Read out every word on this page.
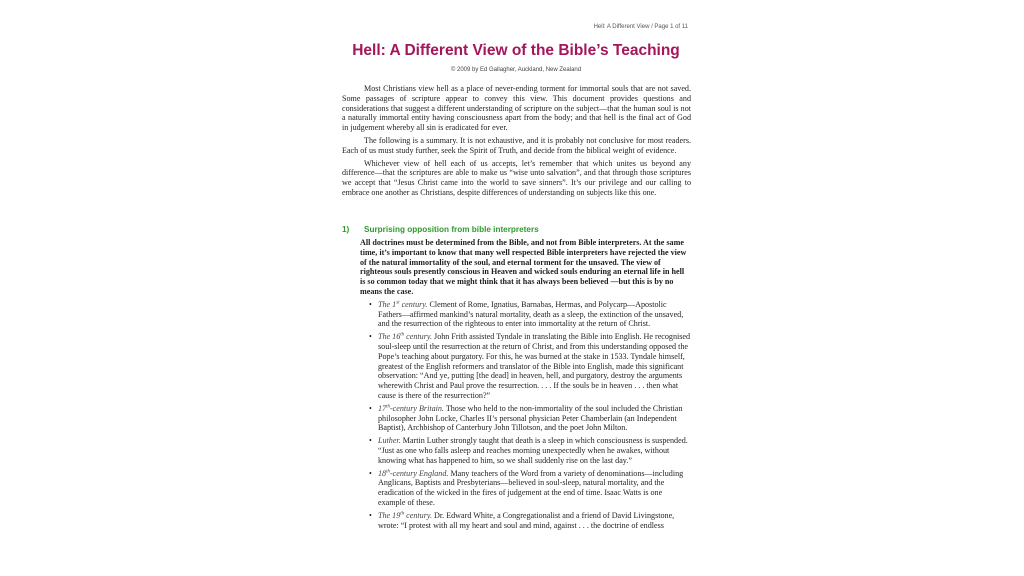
Hell: A Different View / Page 1 of 11
Hell: A Different View of the Bible’s Teaching
© 2009 by Ed Gallagher, Auckland, New Zealand

Most Christians view hell as a place of never-ending torment for immortal souls that are not saved. Some passages of scripture appear to convey this view. This document provides questions and considerations that suggest a different understanding of scripture on the subject—that the human soul is not a naturally immortal entity having consciousness apart from the body; and that hell is the final act of God in judgement whereby all sin is eradicated for ever.

The following is a summary. It is not exhaustive, and it is probably not conclusive for most readers. Each of us must study further, seek the Spirit of Truth, and decide from the biblical weight of evidence.

Whichever view of hell each of us accepts, let’s remember that which unites us beyond any difference—that the scriptures are able to make us “wise unto salvation”, and that through those scriptures we accept that “Jesus Christ came into the world to save sinners”. It’s our privilege and our calling to embrace one another as Christians, despite differences of understanding on subjects like this one.

1) Surprising opposition from bible interpreters

All doctrines must be determined from the Bible, and not from Bible interpreters. At the same time, it’s important to know that many well respected Bible interpreters have rejected the view of the natural immortality of the soul, and eternal torment for the unsaved. The view of righteous souls presently conscious in Heaven and wicked souls enduring an eternal life in hell is so common today that we might think that it has always been believed —but this is by no means the case.

• The 1st century. Clement of Rome, Ignatius, Barnabas, Hermas, and Polycarp—Apostolic Fathers—affirmed mankind’s natural mortality, death as a sleep, the extinction of the unsaved, and the resurrection of the righteous to enter into immortality at the return of Christ.
• The 16th century. John Frith assisted Tyndale in translating the Bible into English. He recognised soul-sleep until the resurrection at the return of Christ, and from this understanding opposed the Pope’s teaching about purgatory. For this, he was burned at the stake in 1533. Tyndale himself, greatest of the English reformers and translator of the Bible into English, made this significant observation: “And ye, putting [the dead] in heaven, hell, and purgatory, destroy the arguments wherewith Christ and Paul prove the resurrection. . . . If the souls be in heaven . . . then what cause is there of the resurrection?”
• 17th-century Britain. Those who held to the non-immortality of the soul included the Christian philosopher John Locke, Charles II’s personal physician Peter Chamberlain (an Independent Baptist), Archbishop of Canterbury John Tillotson, and the poet John Milton.
• Luther. Martin Luther strongly taught that death is a sleep in which consciousness is suspended. “Just as one who falls asleep and reaches morning unexpectedly when he awakes, without knowing what has happened to him, so we shall suddenly rise on the last day.”
• 18th-century England. Many teachers of the Word from a variety of denominations—including Anglicans, Baptists and Presbyterians—believed in soul-sleep, natural mortality, and the eradication of the wicked in the fires of judgement at the end of time. Isaac Watts is one example of these.
• The 19th century. Dr. Edward White, a Congregationalist and a friend of David Livingstone, wrote: “I protest with all my heart and soul and mind, against . . . the doctrine of endless
